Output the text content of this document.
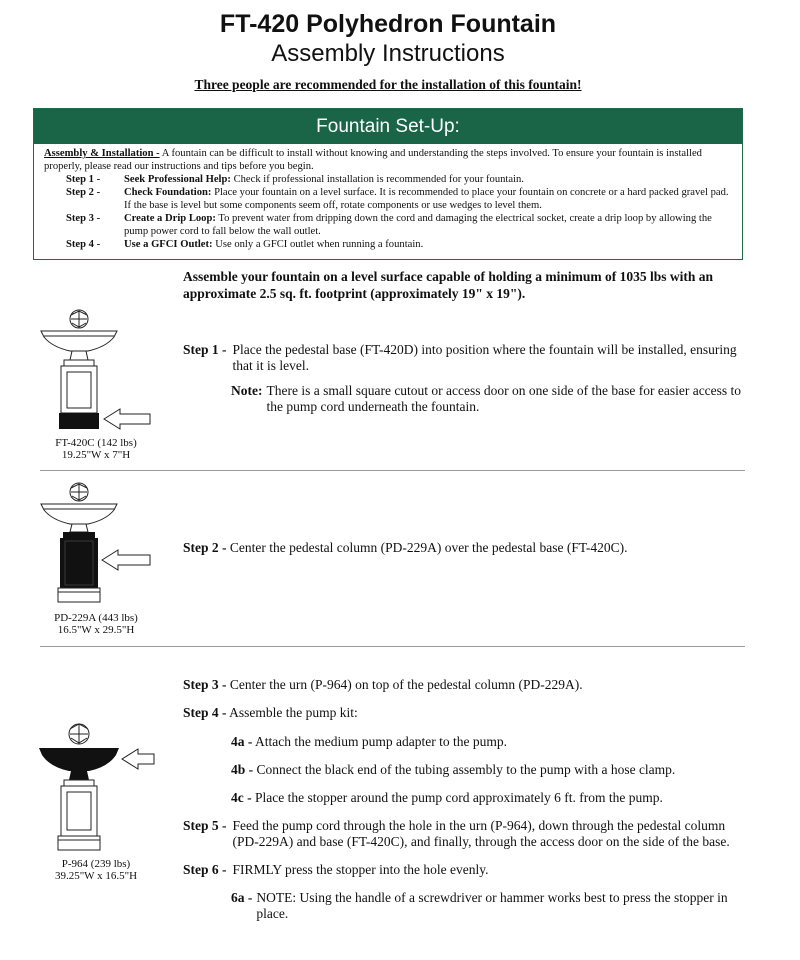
FT-420 Polyhedron Fountain
Assembly Instructions
Three people are recommended for the installation of this fountain!
Fountain Set-Up:
Assembly & Installation - A fountain can be difficult to install without knowing and understanding the steps involved. To ensure your fountain is installed properly, please read our instructions and tips before you begin.
Step 1 -	Seek Professional Help: Check if professional installation is recommended for your fountain.
Step 2 -	Check Foundation: Place your fountain on a level surface. It is recommended to place your fountain on concrete or a hard packed gravel pad. If the base is level but some components seem off, rotate components or use wedges to level them.
Step 3 -	Create a Drip Loop: To prevent water from dripping down the cord and damaging the electrical socket, create a drip loop by allowing the pump power cord to fall below the wall outlet.
Step 4 -	Use a GFCI Outlet: Use only a GFCI outlet when running a fountain.
Assemble your fountain on a level surface capable of holding a minimum of 1035 lbs with an approximate 2.5 sq. ft. footprint (approximately 19" x 19").
FT-420C (142 lbs)
19.25"W x 7"H
Step 1 - Place the pedestal base (FT-420D) into position where the fountain will be installed, ensuring that it is level.
Note: There is a small square cutout or access door on one side of the base for easier access to the pump cord underneath the fountain.
PD-229A (443 lbs)
16.5"W x 29.5"H
Step 2 - Center the pedestal column (PD-229A) over the pedestal base (FT-420C).
P-964 (239 lbs)
39.25"W x 16.5"H
Step 3 - Center the urn (P-964) on top of the pedestal column (PD-229A).
Step 4 - Assemble the pump kit:
4a - Attach the medium pump adapter to the pump.
4b - Connect the black end of the tubing assembly to the pump with a hose clamp.
4c - Place the stopper around the pump cord approximately 6 ft. from the pump.
Step 5 - Feed the pump cord through the hole in the urn (P-964), down through the pedestal column (PD-229A) and base (FT-420C), and finally, through the access door on the side of the base.
Step 6 - FIRMLY press the stopper into the hole evenly.
6a - NOTE: Using the handle of a screwdriver or hammer works best to press the stopper in place.
